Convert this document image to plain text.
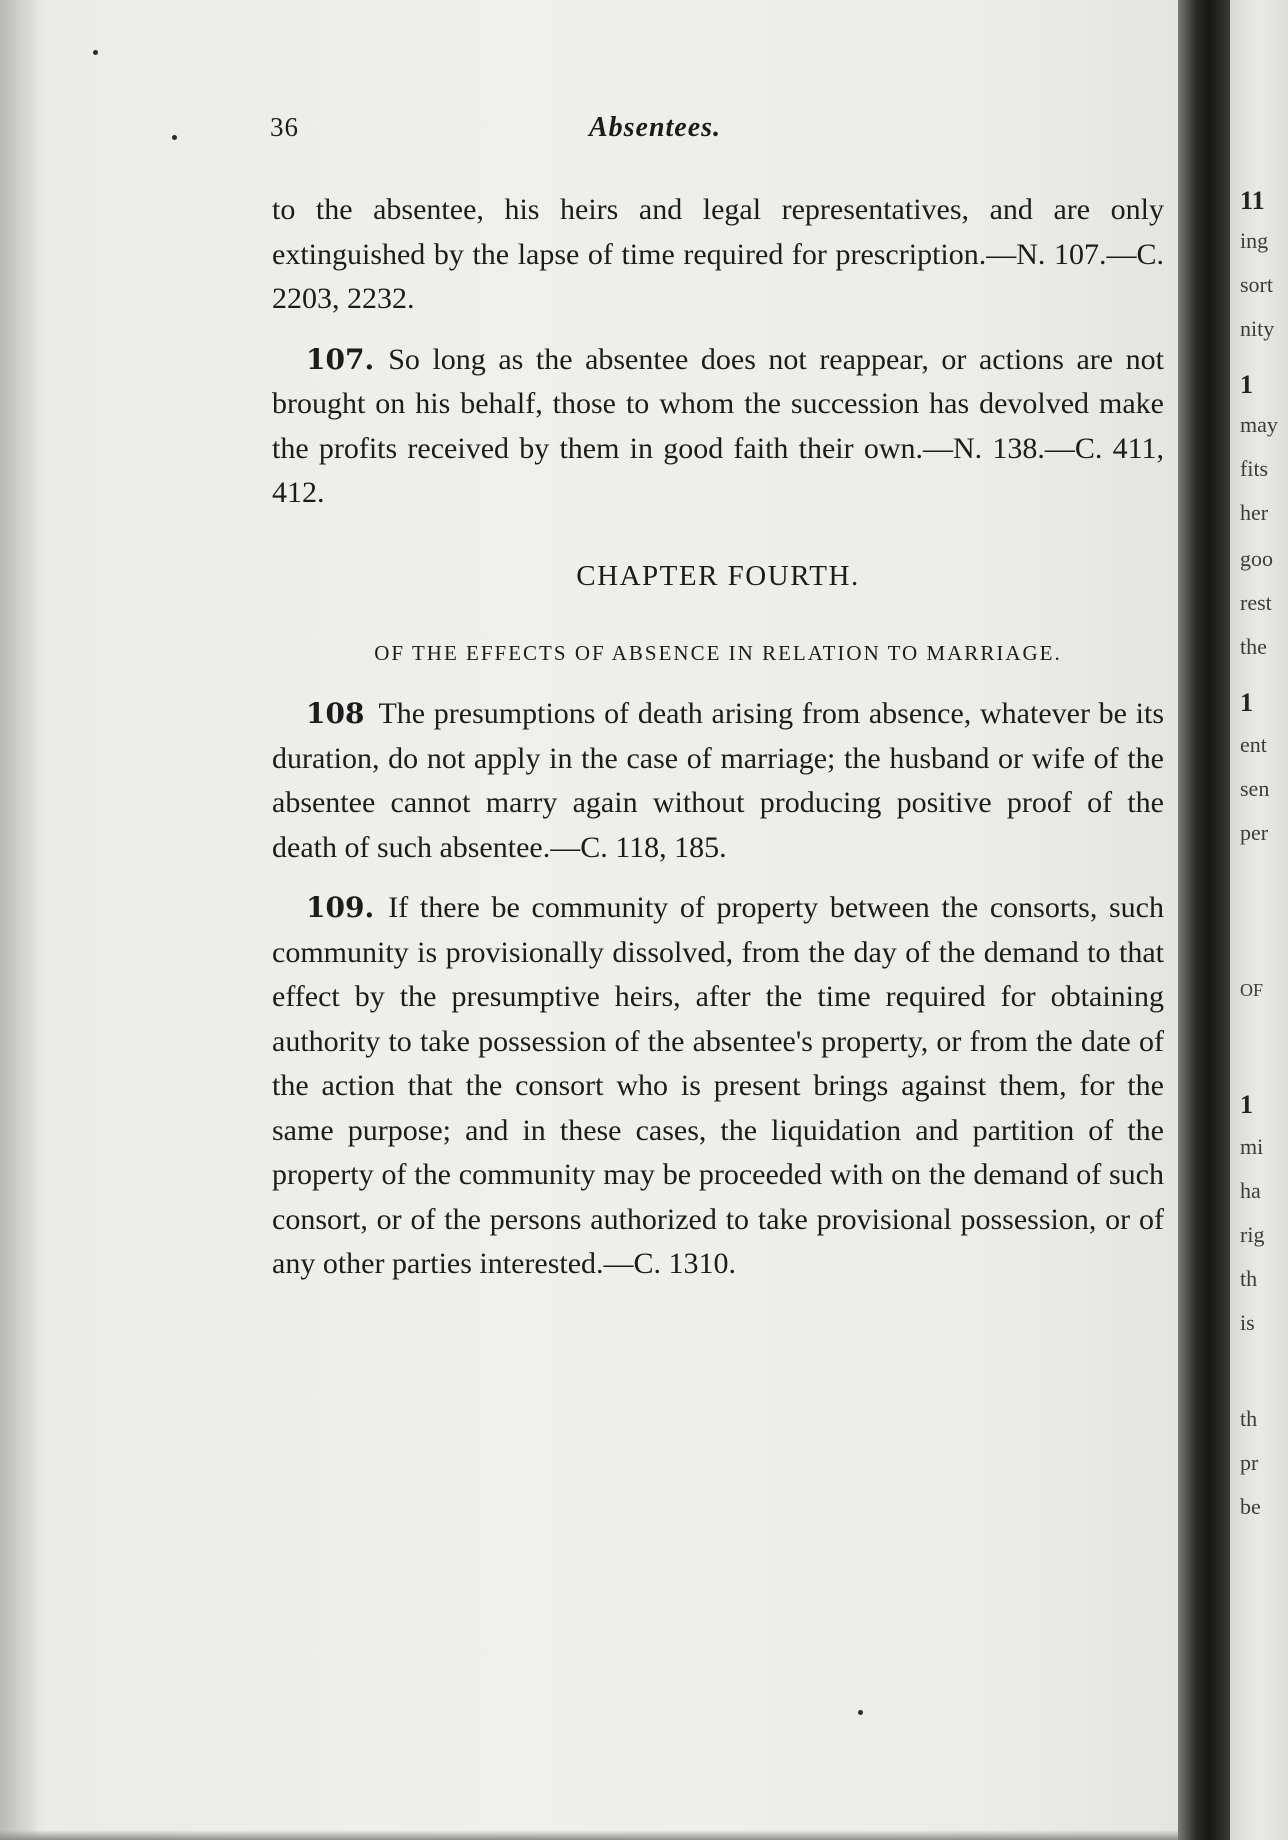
36	Absentees.

to the absentee, his heirs and legal representatives, and are only extinguished by the lapse of time required for prescription.—N. 107.—C. 2203, 2232.

107. So long as the absentee does not reappear, or actions are not brought on his behalf, those to whom the succession has devolved make the profits received by them in good faith their own.—N. 138.—C. 411, 412.

CHAPTER FOURTH.
OF THE EFFECTS OF ABSENCE IN RELATION TO MARRIAGE.

108 The presumptions of death arising from absence, whatever be its duration, do not apply in the case of marriage; the husband or wife of the absentee cannot marry again without producing positive proof of the death of such absentee.—C. 118, 185.

109. If there be community of property between the consorts, such community is provisionally dissolved, from the day of the demand to that effect by the presumptive heirs, after the time required for obtaining authority to take possession of the absentee's property, or from the date of the action that the consort who is present brings against them, for the same purpose; and in these cases, the liquidation and partition of the property of the community may be proceeded with on the demand of such consort, or of the persons authorized to take provisional possession, or of any other parties interested.—C. 1310.

11
ing
sort
nity
1
may
fits
her
goo
rest
the
1
ent
sen
per
OF
1
mi
ha
rig
th
is
th
pr
be
